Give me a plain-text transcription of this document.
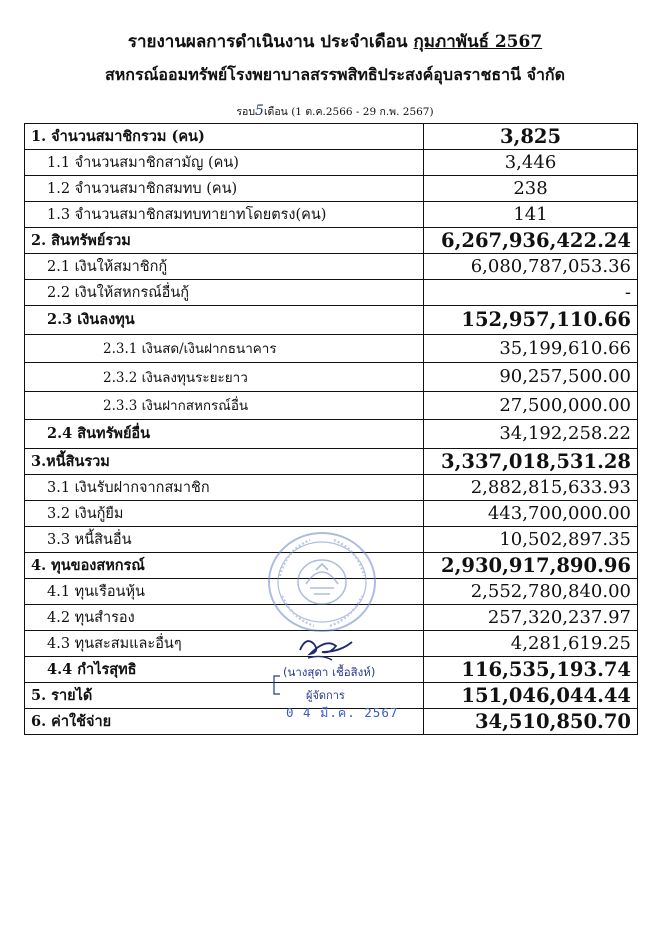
รายงานผลการดำเนินงาน ประจำเดือน กุมภาพันธ์ 2567
สหกรณ์ออมทรัพย์โรงพยาบาลสรรพสิทธิประสงค์อุบลราชธานี จำกัด
รอบ5เดือน (1 ต.ค.2566 - 29 ก.พ. 2567)
1. จำนวนสมาชิกรวม (คน)	3,825
1.1 จำนวนสมาชิกสามัญ (คน)	3,446
1.2 จำนวนสมาชิกสมทบ (คน)	238
1.3 จำนวนสมาชิกสมทบทายาทโดยตรง(คน)	141
2. สินทรัพย์รวม	6,267,936,422.24
2.1 เงินให้สมาชิกกู้	6,080,787,053.36
2.2 เงินให้สหกรณ์อื่นกู้	-
2.3 เงินลงทุน	152,957,110.66
2.3.1 เงินสด/เงินฝากธนาคาร	35,199,610.66
2.3.2 เงินลงทุนระยะยาว	90,257,500.00
2.3.3 เงินฝากสหกรณ์อื่น	27,500,000.00
2.4 สินทรัพย์อื่น	34,192,258.22
3.หนี้สินรวม	3,337,018,531.28
3.1 เงินรับฝากจากสมาชิก	2,882,815,633.93
3.2 เงินกู้ยืม	443,700,000.00
3.3 หนี้สินอื่น	10,502,897.35
4. ทุนของสหกรณ์	2,930,917,890.96
4.1 ทุนเรือนหุ้น	2,552,780,840.00
4.2 ทุนสำรอง	257,320,237.97
4.3 ทุนสะสมและอื่นๆ	4,281,619.25
4.4 กำไรสุทธิ	116,535,193.74
5. รายได้	151,046,044.44
6. ค่าใช้จ่าย	34,510,850.70
(นางสุดา เชื้อสิงห์)
ผู้จัดการ
0 4 มี.ค. 2567
